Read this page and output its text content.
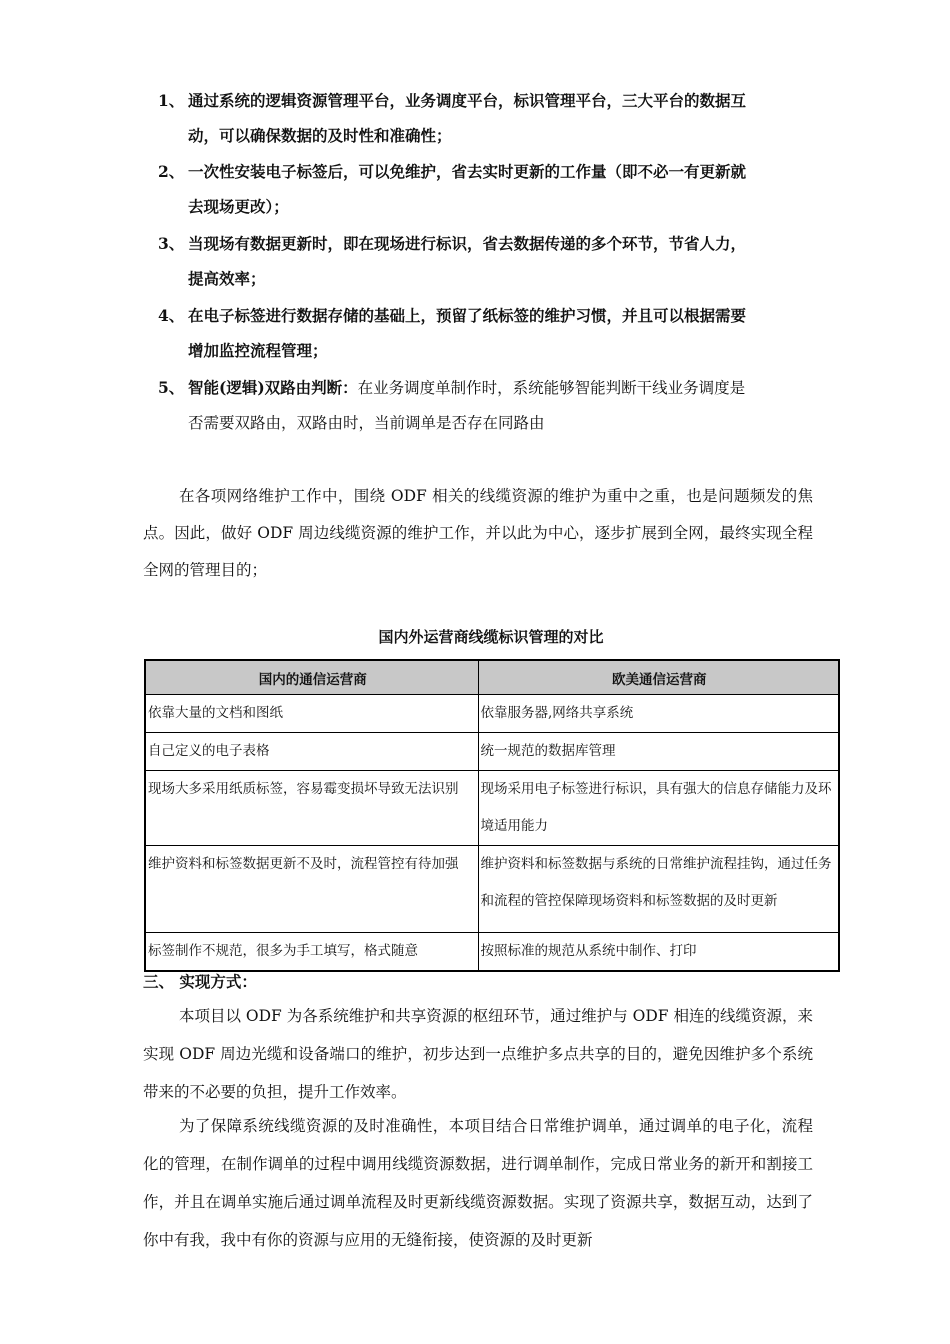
1、 通过系统的逻辑资源管理平台，业务调度平台，标识管理平台，三大平台的数据互
动，可以确保数据的及时性和准确性；
2、 一次性安装电子标签后，可以免维护，省去实时更新的工作量（即不必一有更新就
去现场更改）；
3、 当现场有数据更新时，即在现场进行标识，省去数据传递的多个环节，节省人力，
提高效率；
4、 在电子标签进行数据存储的基础上，预留了纸标签的维护习惯，并且可以根据需要
增加监控流程管理；
5、 智能(逻辑)双路由判断：在业务调度单制作时，系统能够智能判断干线业务调度是
否需要双路由，双路由时，当前调单是否存在同路由
在各项网络维护工作中，围绕 ODF 相关的线缆资源的维护为重中之重，也是问题频发的焦点。因此，做好 ODF 周边线缆资源的维护工作，并以此为中心，逐步扩展到全网，最终实现全程全网的管理目的；
国内外运营商线缆标识管理的对比
国内的通信运营商	欧美通信运营商
依靠大量的文档和图纸	依靠服务器,网络共享系统
自己定义的电子表格	统一规范的数据库管理
现场大多采用纸质标签，容易霉变损坏导致无法识别	现场采用电子标签进行标识，具有强大的信息存储能力及环境适用能力
维护资料和标签数据更新不及时，流程管控有待加强	维护资料和标签数据与系统的日常维护流程挂钩，通过任务和流程的管控保障现场资料和标签数据的及时更新
标签制作不规范，很多为手工填写，格式随意	按照标准的规范从系统中制作、打印
三、 实现方式：
本项目以 ODF 为各系统维护和共享资源的枢纽环节，通过维护与 ODF 相连的线缆资源，来实现 ODF 周边光缆和设备端口的维护，初步达到一点维护多点共享的目的，避免因维护多个系统带来的不必要的负担，提升工作效率。
为了保障系统线缆资源的及时准确性，本项目结合日常维护调单，通过调单的电子化，流程化的管理，在制作调单的过程中调用线缆资源数据，进行调单制作，完成日常业务的新开和割接工作，并且在调单实施后通过调单流程及时更新线缆资源数据。实现了资源共享，数据互动，达到了你中有我，我中有你的资源与应用的无缝衔接，使资源的及时更新
